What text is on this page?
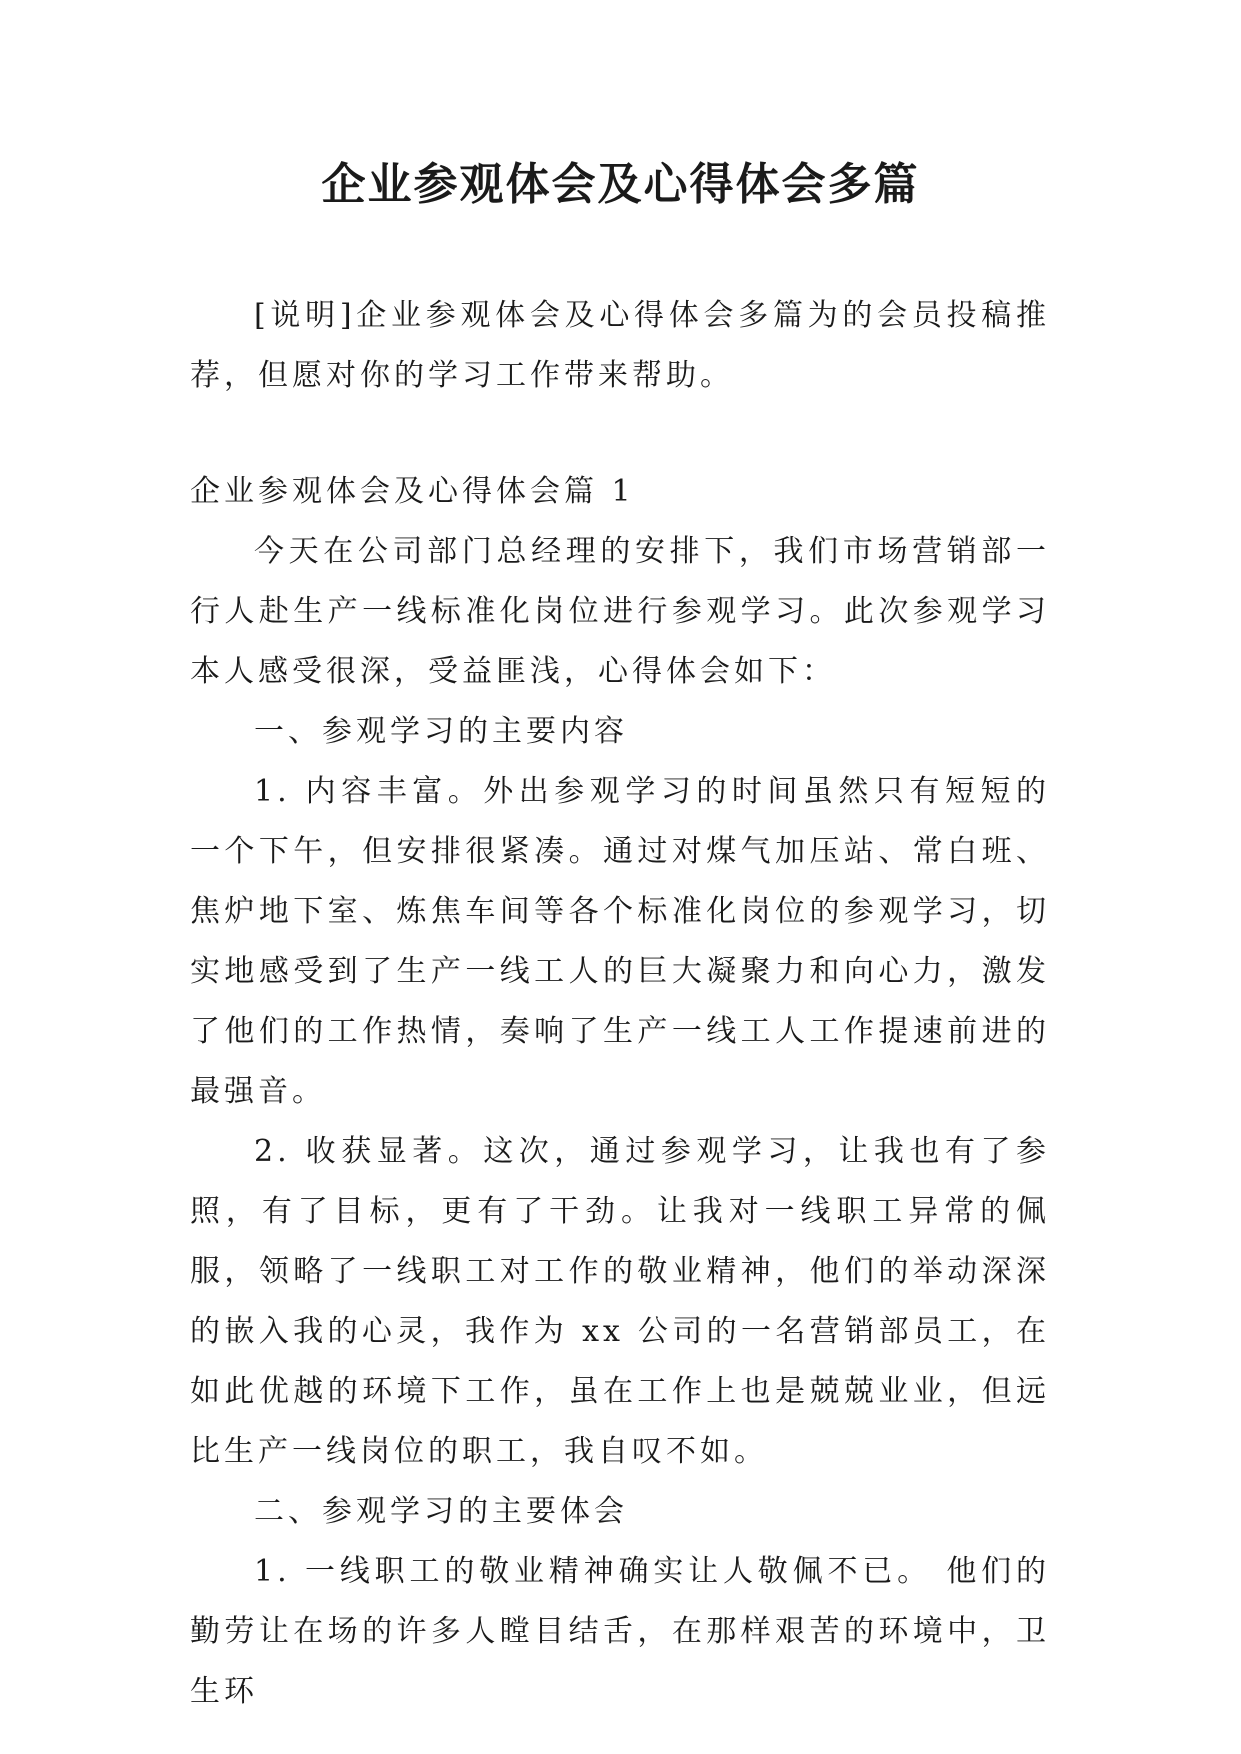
企业参观体会及心得体会多篇

[说明]企业参观体会及心得体会多篇为的会员投稿推荐，但愿对你的学习工作带来帮助。

企业参观体会及心得体会篇 1

今天在公司部门总经理的安排下，我们市场营销部一行人赴生产一线标准化岗位进行参观学习。此次参观学习本人感受很深，受益匪浅，心得体会如下：

一、参观学习的主要内容

1. 内容丰富。外出参观学习的时间虽然只有短短的一个下午，但安排很紧凑。通过对煤气加压站、常白班、焦炉地下室、炼焦车间等各个标准化岗位的参观学习，切实地感受到了生产一线工人的巨大凝聚力和向心力，激发了他们的工作热情，奏响了生产一线工人工作提速前进的最强音。

2. 收获显著。这次，通过参观学习，让我也有了参照，有了目标，更有了干劲。让我对一线职工异常的佩服，领略了一线职工对工作的敬业精神，他们的举动深深的嵌入我的心灵，我作为 xx 公司的一名营销部员工，在如此优越的环境下工作，虽在工作上也是兢兢业业，但远比生产一线岗位的职工，我自叹不如。

二、参观学习的主要体会

1. 一线职工的敬业精神确实让人敬佩不已。 他们的勤劳让在场的许多人瞠目结舌，在那样艰苦的环境中，卫生环
